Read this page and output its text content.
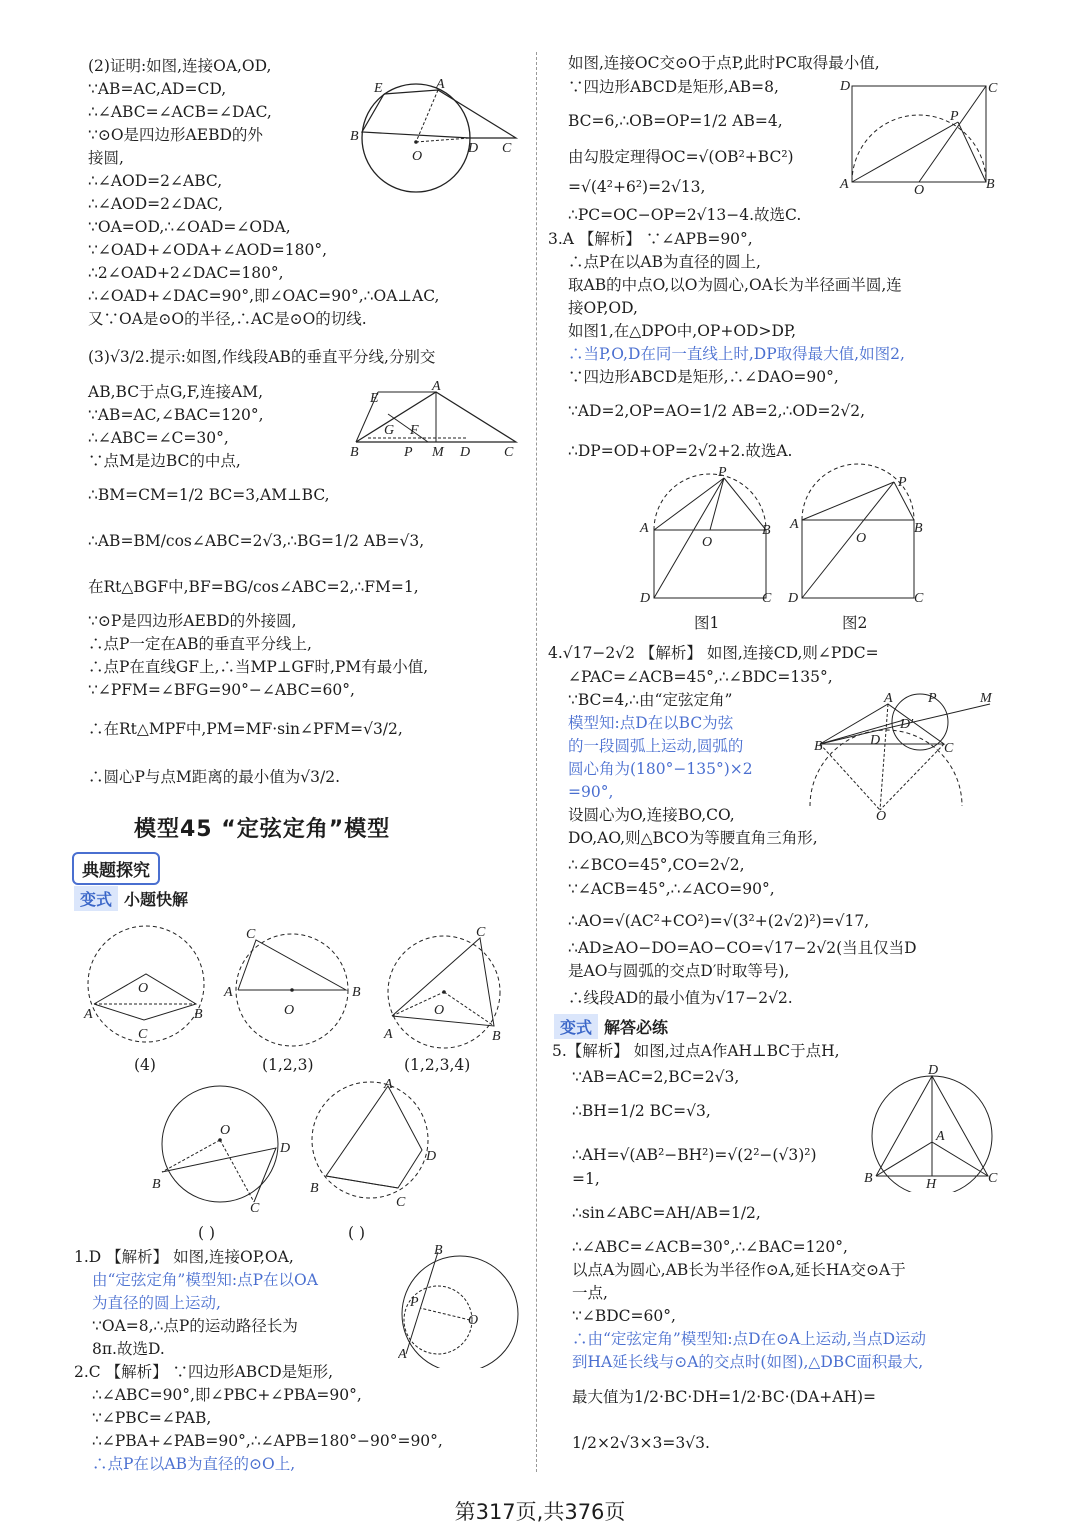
(2)证明:如图,连接OA,OD,
∵AB=AC,AD=CD,
∴∠ABC=∠ACB=∠DAC,
∵⊙O是四边形AEBD的外
接圆,
∴∠AOD=2∠ABC,
∴∠AOD=2∠DAC,
∵OA=OD,∴∠OAD=∠ODA,
∵∠OAD+∠ODA+∠AOD=180°,
∴2∠OAD+2∠DAC=180°,
∴∠OAD+∠DAC=90°,即∠OAC=90°,∴OA⊥AC,
又∵OA是⊙O的半径,∴AC是⊙O的切线.
(3)√3/2.提示:如图,作线段AB的垂直平分线,分别交
AB,BC于点G,F,连接AM,
∵AB=AC,∠BAC=120°,
∴∠ABC=∠C=30°,
∵点M是边BC的中点,
∴BM=CM=1/2 BC=3,AM⊥BC,
∴AB=BM/cos∠ABC=2√3,∴BG=1/2 AB=√3,
在Rt△BGF中,BF=BG/cos∠ABC=2,∴FM=1,
∵⊙P是四边形AEBD的外接圆,
∴点P一定在AB的垂直平分线上,
∴点P在直线GF上,∴当MP⊥GF时,PM有最小值,
∵∠PFM=∠BFG=90°−∠ABC=60°,
∴在Rt△MPF中,PM=MF·sin∠PFM=√3/2,
∴圆心P与点M距离的最小值为√3/2.
E	A
B
O
D C
E
A
G F
B	P M D C
模型45 “定弦定角”模型
典题探究
变式 小题快解
O
A	B
C
C
A	B
O
C
O
A	B
(4)	(1,2,3)	(1,2,3,4)
O
D
B
C
A
D
B
C
( )	( )
1.D 【解析】 如图,连接OP,OA,
由“定弦定角”模型知:点P在以OA
为直径的圆上运动,
∵OA=8,∴点P的运动路径长为
8π.故选D.
2.C 【解析】 ∵四边形ABCD是矩形,
∴∠ABC=90°,即∠PBC+∠PBA=90°,
∵∠PBC=∠PAB,
∴∠PBA+∠PAB=90°,∴∠APB=180°−90°=90°,
∴点P在以AB为直径的⊙O上,
B
P
O
A
如图,连接OC交⊙O于点P,此时PC取得最小值,
∵四边形ABCD是矩形,AB=8,
BC=6,∴OB=OP=1/2 AB=4,
由勾股定理得OC=√(OB²+BC²)
=√(4²+6²)=2√13,
∴PC=OC−OP=2√13−4.故选C.
3.A 【解析】 ∵∠APB=90°,
∴点P在以AB为直径的圆上,
取AB的中点O,以O为圆心,OA长为半径画半圆,连
接OP,OD,
如图1,在△DPO中,OP+OD>DP,
∴当P,O,D在同一直线上时,DP取得最大值,如图2,
∵四边形ABCD是矩形,∴∠DAO=90°,
∵AD=2,OP=AO=1/2 AB=2,∴OD=2√2,
∴DP=OD+OP=2√2+2.故选A.
D	C
P
A	O	B
P
A	B
O
D	C
P
A	B
O
D	C
图1	图2
4.√17−2√2 【解析】 如图,连接CD,则∠PDC=
∠PAC=∠ACB=45°,∴∠BDC=135°,
∵BC=4,∴由“定弦定角”
模型知:点D在以BC为弦
的一段圆弧上运动,圆弧的
圆心角为(180°−135°)×2
=90°,
设圆心为O,连接BO,CO,
DO,AO,则△BCO为等腰直角三角形,
∴∠BCO=45°,CO=2√2,
∵∠ACB=45°,∴∠ACO=90°,
∴AO=√(AC²+CO²)=√(3²+(2√2)²)=√17,
∴AD≥AO−DO=AO−CO=√17−2√2(当且仅当D
是AO与圆弧的交点D′时取等号),
∴线段AD的最小值为√17−2√2.
A	P	M
D′
D
B	C
O
变式 解答必练
5.【解析】 如图,过点A作AH⊥BC于点H,
∵AB=AC=2,BC=2√3,
∴BH=1/2 BC=√3,
∴AH=√(AB²−BH²)=√(2²−(√3)²)
=1,
∴sin∠ABC=AH/AB=1/2,
∴∠ABC=∠ACB=30°,∴∠BAC=120°,
以点A为圆心,AB长为半径作⊙A,延长HA交⊙A于
一点,
∵∠BDC=60°,
∴由“定弦定角”模型知:点D在⊙A上运动,当点D运动
到HA延长线与⊙A的交点时(如图),△DBC面积最大,
最大值为1/2·BC·DH=1/2·BC·(DA+AH)=
1/2×2√3×3=3√3.
D
A
B	H	C
第317页,共376页
